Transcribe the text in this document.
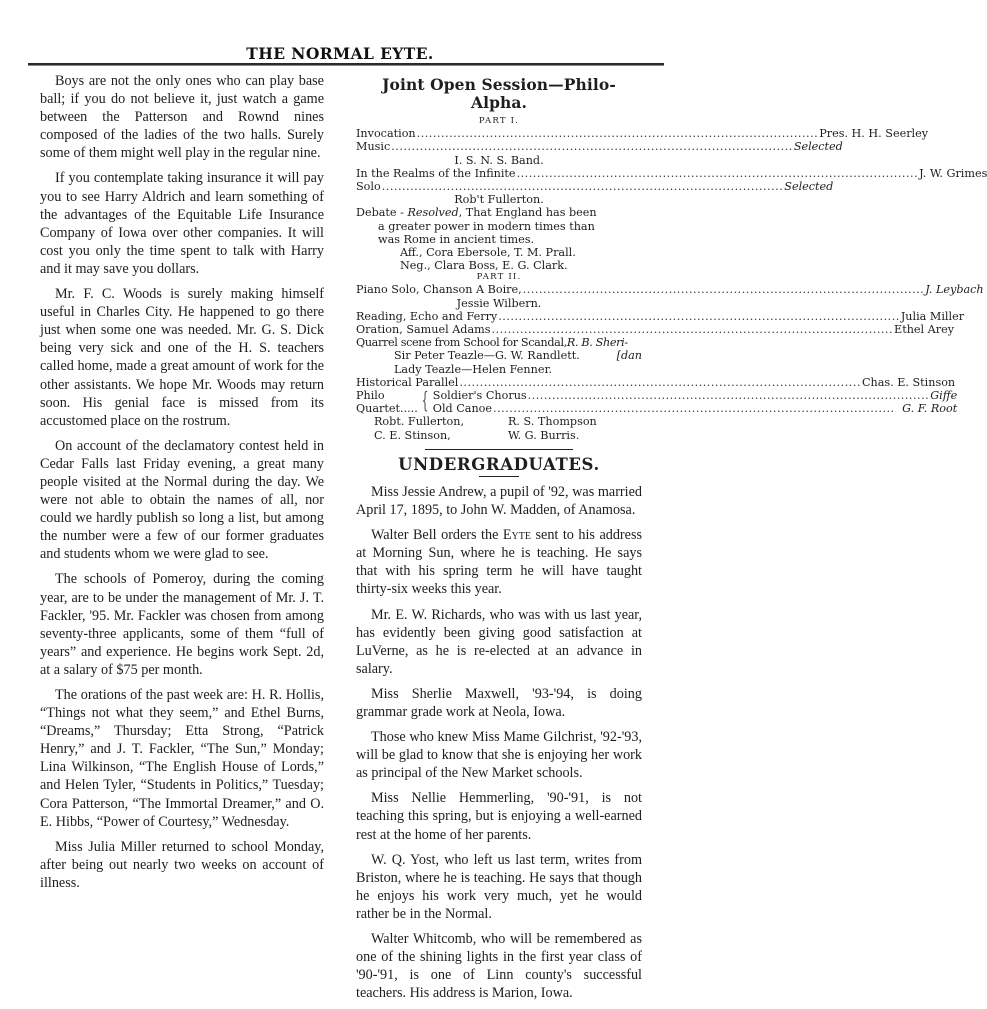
THE NORMAL EYTE.

Boys are not the only ones who can play base ball; if you do not believe it, just watch a game between the Patterson and Rownd nines composed of the ladies of the two halls. Surely some of them might well play in the regular nine.

If you contemplate taking insurance it will pay you to see Harry Aldrich and learn something of the advantages of the Equitable Life Insurance Company of Iowa over other companies. It will cost you only the time spent to talk with Harry and it may save you dollars.

Mr. F. C. Woods is surely making himself useful in Charles City. He happened to go there just when some one was needed. Mr. G. S. Dick being very sick and one of the H. S. teachers called home, made a great amount of work for the other assistants. We hope Mr. Woods may return soon. His genial face is missed from its accustomed place on the rostrum.

On account of the declamatory contest held in Cedar Falls last Friday evening, a great many people visited at the Normal during the day. We were not able to obtain the names of all, nor could we hardly publish so long a list, but among the number were a few of our former graduates and students whom we were glad to see.

The schools of Pomeroy, during the coming year, are to be under the management of Mr. J. T. Fackler, '95. Mr. Fackler was chosen from among seventy-three applicants, some of them “full of years” and experience. He begins work Sept. 2d, at a salary of $75 per month.

The orations of the past week are: H. R. Hollis, “Things not what they seem,” and Ethel Burns, “Dreams,” Thursday; Etta Strong, “Patrick Henry,” and J. T. Fackler, “The Sun,” Monday; Lina Wilkinson, “The English House of Lords,” and Helen Tyler, “Students in Politics,” Tuesday; Cora Patterson, “The Immortal Dreamer,” and O. E. Hibbs, “Power of Courtesy,” Wednesday.

Miss Julia Miller returned to school Monday, after being out nearly two weeks on account of illness.

Joint Open Session—Philo-Alpha.
PART I.
Invocation .....	Pres. H. H. Seerley
Music .....	Selected
I. S. N. S. Band.
In the Realms of the Infinite .....	J. W. Grimes
Solo .....	Selected
Rob't Fullerton.
Debate - Resolved, That England has been
a greater power in modern times than
was Rome in ancient times.
Aff., Cora Ebersole, T. M. Prall.
Neg., Clara Boss, E. G. Clark.
PART II.
Piano Solo, Chanson A Boire, .....	J. Leybach
Jessie Wilbern.
Reading, Echo and Ferry .....	Julia Miller
Oration, Samuel Adams .....	Ethel Arey
Quarrel scene from School for Scandal,R. B. Sheri-
Sir Peter Teazle—G. W. Randlett.	[dan
Lady Teazle—Helen Fenner.
Historical Parallel .....	Chas. E. Stinson
Philo Quartet..... { Soldier's Chorus .....	Giffe
Old Canoe .....	G. F. Root
Robt. Fullerton,	R. S. Thompson
C. E. Stinson,	W. G. Burris.
UNDERGRADUATES.

Miss Jessie Andrew, a pupil of '92, was married April 17, 1895, to John W. Madden, of Anamosa.

Walter Bell orders the Eyte sent to his address at Morning Sun, where he is teaching. He says that with his spring term he will have taught thirty-six weeks this year.

Mr. E. W. Richards, who was with us last year, has evidently been giving good satisfaction at LuVerne, as he is re-elected at an advance in salary.

Miss Sherlie Maxwell, '93-'94, is doing grammar grade work at Neola, Iowa.

Those who knew Miss Mame Gilchrist, '92-'93, will be glad to know that she is enjoying her work as principal of the New Market schools.

Miss Nellie Hemmerling, '90-'91, is not teaching this spring, but is enjoying a well-earned rest at the home of her parents.

W. Q. Yost, who left us last term, writes from Briston, where he is teaching. He says that though he enjoys his work very much, yet he would rather be in the Normal.

Walter Whitcomb, who will be remembered as one of the shining lights in the first year class of '90-'91, is one of Linn county's successful teachers. His address is Marion, Iowa.
